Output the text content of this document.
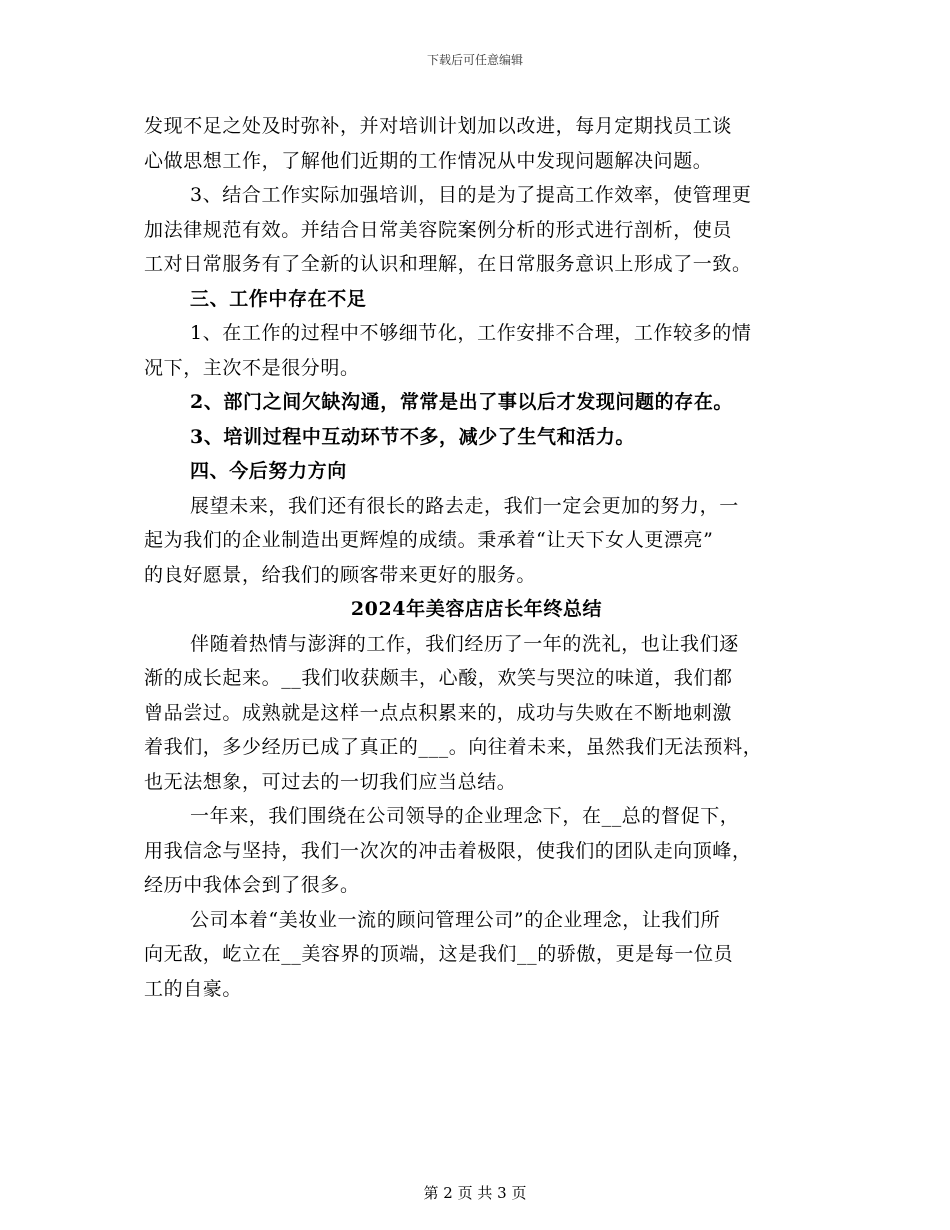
下载后可任意编辑
发现不足之处及时弥补，并对培训计划加以改进，每月定期找员工谈
心做思想工作，了解他们近期的工作情况从中发现问题解决问题。
3、结合工作实际加强培训，目的是为了提高工作效率，使管理更
加法律规范有效。并结合日常美容院案例分析的形式进行剖析，使员
工对日常服务有了全新的认识和理解，在日常服务意识上形成了一致。
三、工作中存在不足
1、在工作的过程中不够细节化，工作安排不合理，工作较多的情
况下，主次不是很分明。
2、部门之间欠缺沟通，常常是出了事以后才发现问题的存在。
3、培训过程中互动环节不多，减少了生气和活力。
四、今后努力方向
展望未来，我们还有很长的路去走，我们一定会更加的努力，一
起为我们的企业制造出更辉煌的成绩。秉承着“让天下女人更漂亮”
的良好愿景，给我们的顾客带来更好的服务。
2024年美容店店长年终总结
伴随着热情与澎湃的工作，我们经历了一年的洗礼，也让我们逐
渐的成长起来。__我们收获颇丰，心酸，欢笑与哭泣的味道，我们都
曾品尝过。成熟就是这样一点点积累来的，成功与失败在不断地刺激
着我们，多少经历已成了真正的___。向往着未来，虽然我们无法预料，
也无法想象，可过去的一切我们应当总结。
一年来，我们围绕在公司领导的企业理念下，在__总的督促下，
用我信念与坚持，我们一次次的冲击着极限，使我们的团队走向顶峰，
经历中我体会到了很多。
公司本着“美妆业一流的顾问管理公司”的企业理念，让我们所
向无敌，屹立在__美容界的顶端，这是我们__的骄傲，更是每一位员
工的自豪。
第 2 页 共 3 页
